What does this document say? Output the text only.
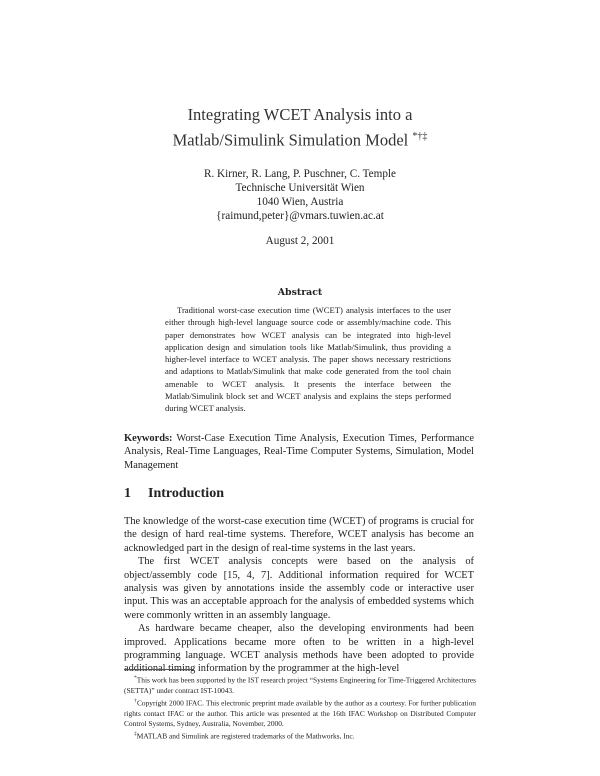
Integrating WCET Analysis into a
Matlab/Simulink Simulation Model *†‡
R. Kirner, R. Lang, P. Puschner, C. Temple
Technische Universität Wien
1040 Wien, Austria
{raimund,peter}@vmars.tuwien.ac.at
August 2, 2001
Abstract
Traditional worst-case execution time (WCET) analysis interfaces to the user either through high-level language source code or assembly/machine code. This paper demonstrates how WCET analysis can be integrated into high-level application design and simulation tools like Matlab/Simulink, thus providing a higher-level interface to WCET analysis. The paper shows necessary restrictions and adaptions to Matlab/Simulink that make code generated from the tool chain amenable to WCET analysis. It presents the interface between the Matlab/Simulink block set and WCET analysis and explains the steps performed during WCET analysis.
Keywords: Worst-Case Execution Time Analysis, Execution Times, Performance Analysis, Real-Time Languages, Real-Time Computer Systems, Simulation, Model Management
1 Introduction

The knowledge of the worst-case execution time (WCET) of programs is crucial for the design of hard real-time systems. Therefore, WCET analysis has become an acknowledged part in the design of real-time systems in the last years.

The first WCET analysis concepts were based on the analysis of object/assembly code [15, 4, 7]. Additional information required for WCET analysis was given by annotations inside the assembly code or interactive user input. This was an acceptable approach for the analysis of embedded systems which were commonly written in an assembly language.

As hardware became cheaper, also the developing environments had been improved. Applications became more often to be written in a high-level programming language. WCET analysis methods have been adopted to provide additional timing information by the programmer at the high-level

*This work has been supported by the IST research project “Systems Engineering for Time-Triggered Architectures (SETTA)” under contract IST-10043.

†Copyright 2000 IFAC. This electronic preprint made available by the author as a courtesy. For further publication rights contact IFAC or the author. This article was presented at the 16th IFAC Workshop on Distributed Computer Control Systems, Sydney, Australia, November, 2000.

‡MATLAB and Simulink are registered trademarks of the Mathworks, Inc.
